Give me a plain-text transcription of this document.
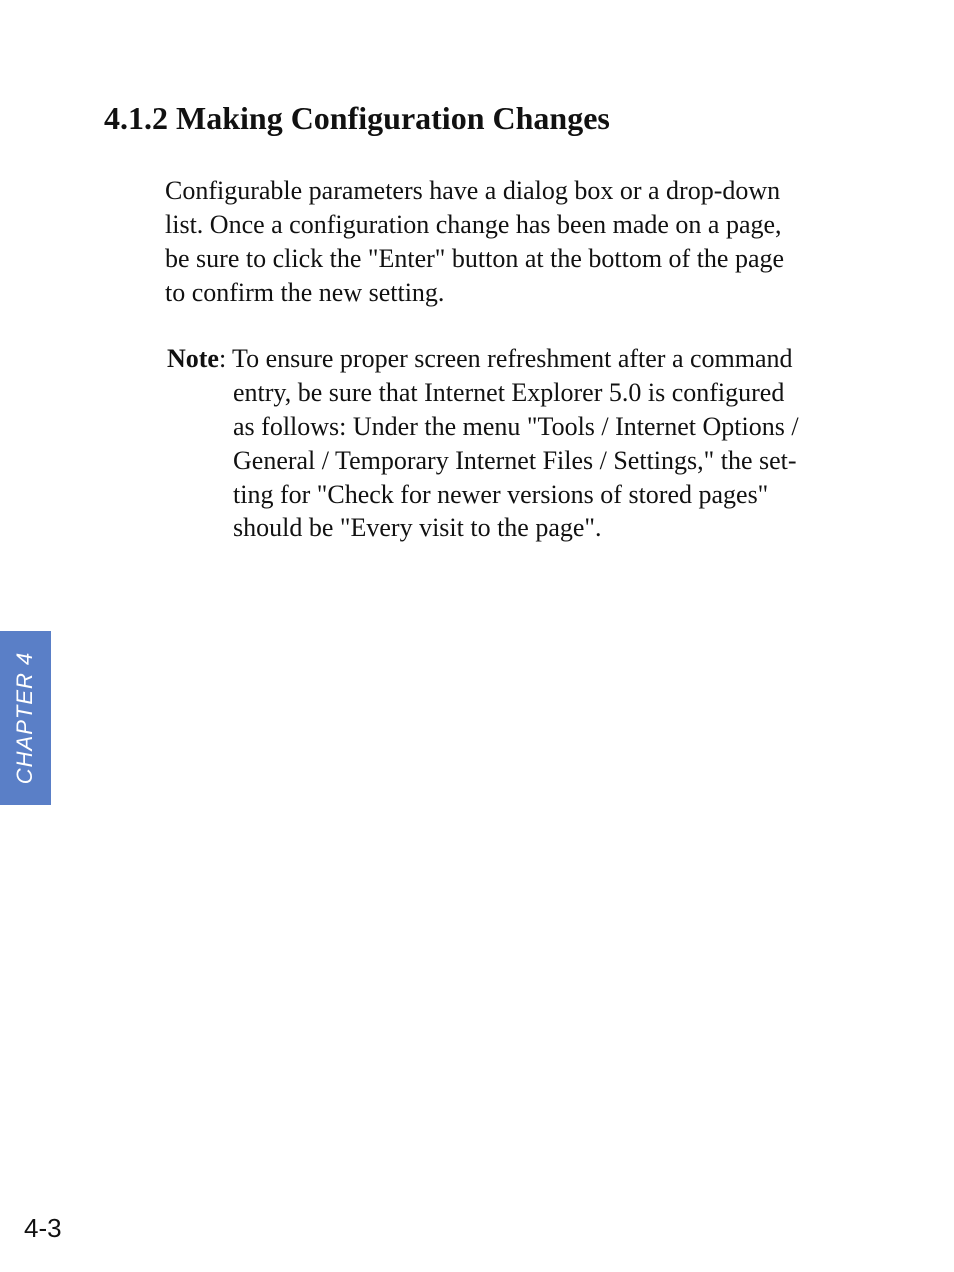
4.1.2 Making Configuration Changes

Configurable parameters have a dialog box or a drop-down

list. Once a configuration change has been made on a page,

be sure to click the "Enter" button at the bottom of the page

to confirm the new setting.

Note: To ensure proper screen refreshment after a command

entry, be sure that Internet Explorer 5.0 is configured

as follows: Under the menu "Tools / Internet Options /

General / Temporary Internet Files / Settings," the set-

ting for "Check for newer versions of stored pages"

should be "Every visit to the page".

CHAPTER 4
4-3
